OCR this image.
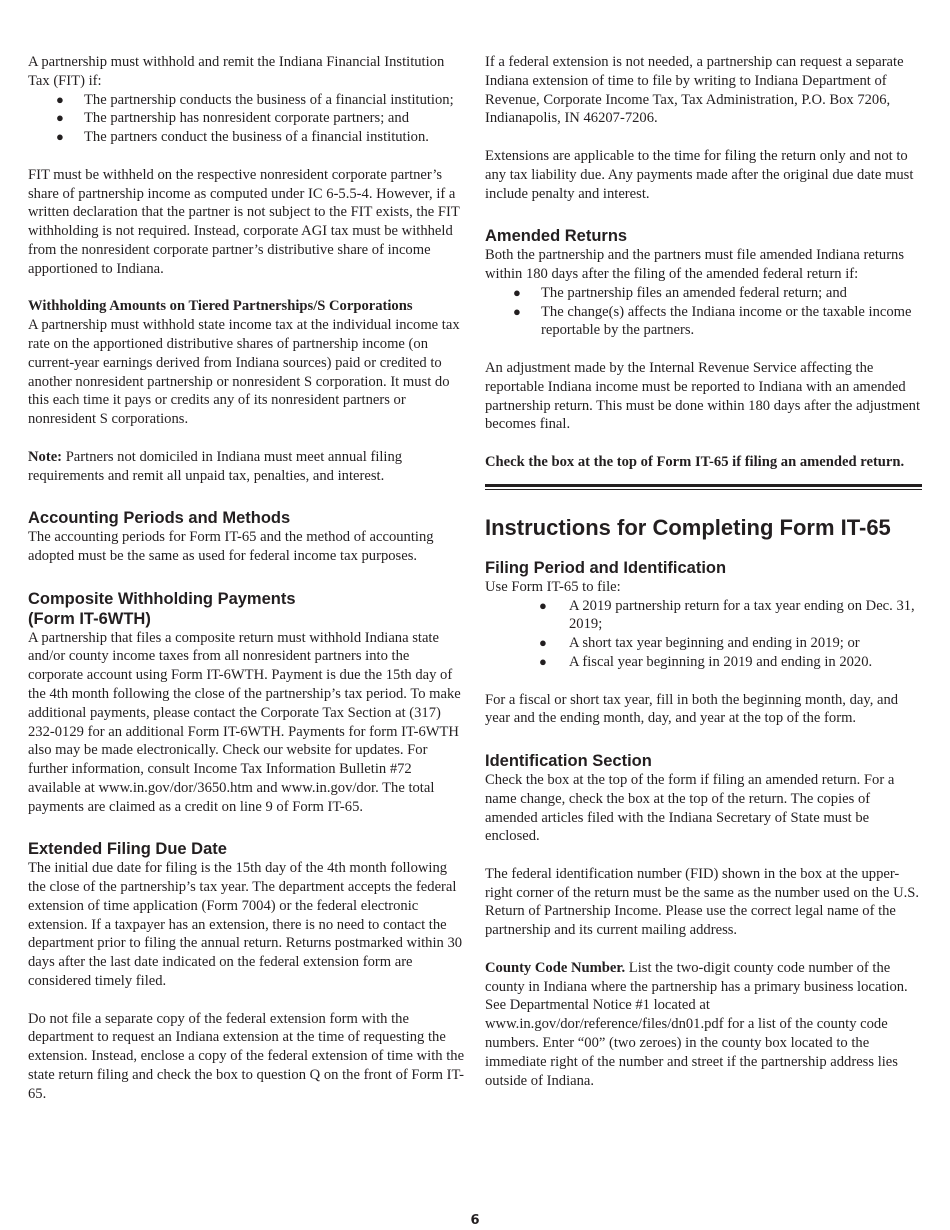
A partnership must withhold and remit the Indiana Financial Institution Tax (FIT) if:

● The partnership conducts the business of a financial institution;
● The partnership has nonresident corporate partners; and
● The partners conduct the business of a financial institution.

FIT must be withheld on the respective nonresident corporate partner’s share of partnership income as computed under IC 6-5.5-4. However, if a written declaration that the partner is not subject to the FIT exists, the FIT withholding is not required. Instead, corporate AGI tax must be withheld from the nonresident corporate partner’s distributive share of income apportioned to Indiana.

Withholding Amounts on Tiered Partnerships/S Corporations

A partnership must withhold state income tax at the individual income tax rate on the apportioned distributive shares of partnership income (on current-year earnings derived from Indiana sources) paid or credited to another nonresident partnership or nonresident S corporation. It must do this each time it pays or credits any of its nonresident partners or nonresident S corporations.

Note: Partners not domiciled in Indiana must meet annual filing requirements and remit all unpaid tax, penalties, and interest.

Accounting Periods and Methods

The accounting periods for Form IT-65 and the method of accounting adopted must be the same as used for federal income tax purposes.

Composite Withholding Payments
(Form IT-6WTH)

A partnership that files a composite return must withhold Indiana state and/or county income taxes from all nonresident partners into the corporate account using Form IT-6WTH. Payment is due the 15th day of the 4th month following the close of the partnership’s tax period. To make additional payments, please contact the Corporate Tax Section at (317) 232-0129 for an additional Form IT-6WTH. Payments for form IT-6WTH also may be made electronically. Check our website for updates. For further information, consult Income Tax Information Bulletin #72 available at www.in.gov/dor/3650.htm and www.in.gov/dor. The total payments are claimed as a credit on line 9 of Form IT-65.

Extended Filing Due Date

The initial due date for filing is the 15th day of the 4th month following the close of the partnership’s tax year. The department accepts the federal extension of time application (Form 7004) or the federal electronic extension. If a taxpayer has an extension, there is no need to contact the department prior to filing the annual return. Returns postmarked within 30 days after the last date indicated on the federal extension form are considered timely filed.

Do not file a separate copy of the federal extension form with the department to request an Indiana extension at the time of requesting the extension. Instead, enclose a copy of the federal extension of time with the state return filing and check the box to question Q on the front of Form IT-65.

If a federal extension is not needed, a partnership can request a separate Indiana extension of time to file by writing to Indiana Department of Revenue, Corporate Income Tax, Tax Administration, P.O. Box 7206, Indianapolis, IN 46207-7206.

Extensions are applicable to the time for filing the return only and not to any tax liability due. Any payments made after the original due date must include penalty and interest.

Amended Returns

Both the partnership and the partners must file amended Indiana returns within 180 days after the filing of the amended federal return if:

● The partnership files an amended federal return; and
● The change(s) affects the Indiana income or the taxable income reportable by the partners.

An adjustment made by the Internal Revenue Service affecting the reportable Indiana income must be reported to Indiana with an amended partnership return. This must be done within 180 days after the adjustment becomes final.

Check the box at the top of Form IT-65 if filing an amended return.

Instructions for Completing Form IT-65
Filing Period and Identification

Use Form IT-65 to file:

● A 2019 partnership return for a tax year ending on Dec. 31, 2019;
● A short tax year beginning and ending in 2019; or
● A fiscal year beginning in 2019 and ending in 2020.

For a fiscal or short tax year, fill in both the beginning month, day, and year and the ending month, day, and year at the top of the form.

Identification Section

Check the box at the top of the form if filing an amended return. For a name change, check the box at the top of the return. The copies of amended articles filed with the Indiana Secretary of State must be enclosed.

The federal identification number (FID) shown in the box at the upper-right corner of the return must be the same as the number used on the U.S. Return of Partnership Income. Please use the correct legal name of the partnership and its current mailing address.

County Code Number. List the two-digit county code number of the county in Indiana where the partnership has a primary business location. See Departmental Notice #1 located at www.in.gov/dor/reference/files/dn01.pdf for a list of the county code numbers. Enter “00” (two zeroes) in the county box located to the immediate right of the number and street if the partnership address lies outside of Indiana.

6
